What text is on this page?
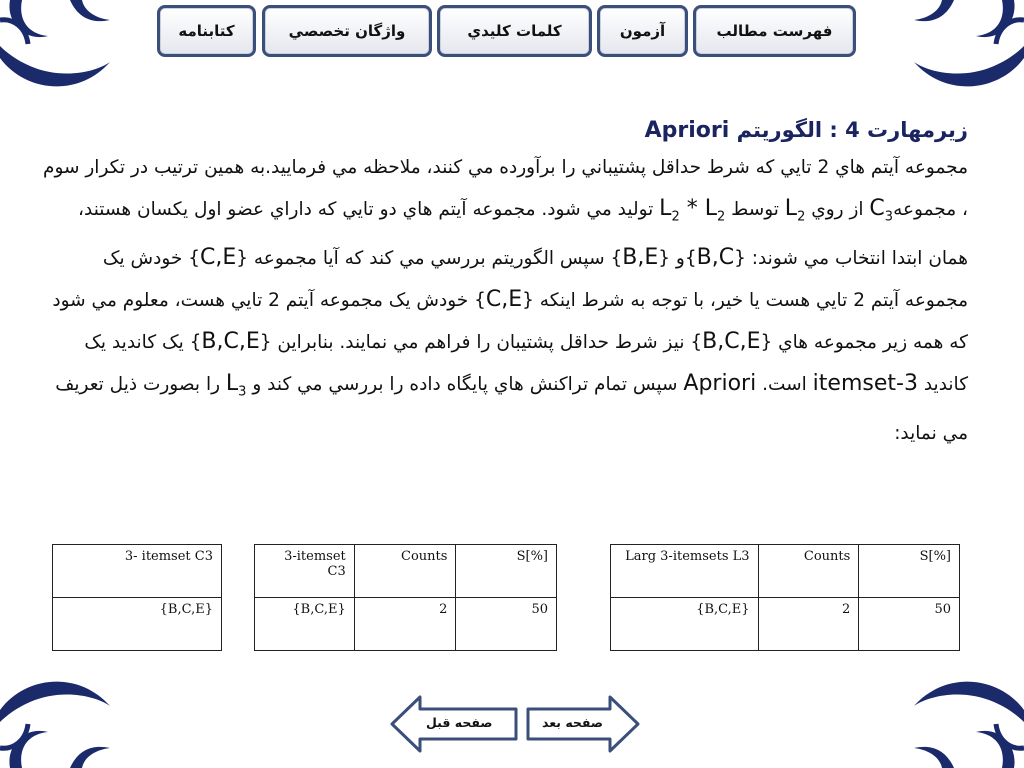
کتابنامه	واژگان تخصصي	کلمات کليدي	آزمون	فهرست مطالب
زيرمهارت 4 : الگوريتم Apriori

مجموعه آيتم هاي 2 تايي که شرط حداقل پشتيباني را برآورده مي کنند، ملاحظه مي فرماييد.به همين ترتيب در تکرار سوم ، مجموعهC$_3$ از روي $L_2$ توسط $L_2 * L_2$ توليد مي شود. مجموعه آيتم هاي دو تايي که داراي عضو اول يکسان هستند، همان ابتدا انتخاب مي شوند: {B,C}و {B,E} سپس الگوريتم بررسي مي کند که آيا مجموعه {C,E} خودش يک مجموعه آيتم 2 تايي هست يا خير، با توجه به شرط اينکه {C,E} خودش يک مجموعه آيتم 2 تايي هست، معلوم مي شود که همه زير مجموعه هاي {B,C,E} نيز شرط حداقل پشتيبان را فراهم مي نمايند. بنابراين {B,C,E} يک کانديد يک کانديد 3-itemset است. Apriori سپس تمام تراکنش هاي پايگاه داده را بررسي مي کند و $L_3$ را بصورت ذيل تعريف مي نمايد:

3- itemset C3
{B,C,E}
3-itemset C3	Counts	S[%]
{B,C,E}	2	50
Larg 3-itemsets L3	Counts	S[%]
{B,C,E}	2	50
صفحه قبل	صفحه بعد
